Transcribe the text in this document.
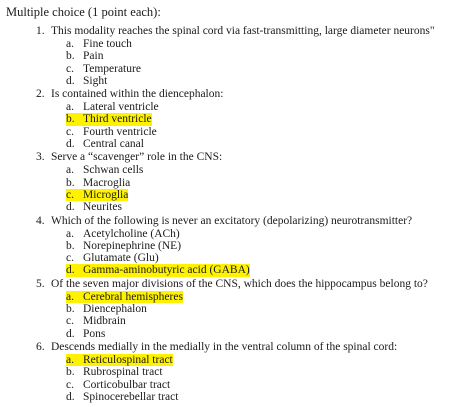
Multiple choice (1 point each):
1. This modality reaches the spinal cord via fast-transmitting, large diameter neurons"
a. Fine touch
b. Pain
c. Temperature
d. Sight
2. Is contained within the diencephalon:
a. Lateral ventricle
b. Third ventricle
c. Fourth ventricle
d. Central canal
3. Serve a “scavenger” role in the CNS:
a. Schwan cells
b. Macroglia
c. Microglia
d. Neurites
4. Which of the following is never an excitatory (depolarizing) neurotransmitter?
a. Acetylcholine (ACh)
b. Norepinephrine (NE)
c. Glutamate (Glu)
d. Gamma-aminobutyric acid (GABA)
5. Of the seven major divisions of the CNS, which does the hippocampus belong to?
a. Cerebral hemispheres
b. Diencephalon
c. Midbrain
d. Pons
6. Descends medially in the medially in the ventral column of the spinal cord:
a. Reticulospinal tract
b. Rubrospinal tract
c. Corticobulbar tract
d. Spinocerebellar tract
